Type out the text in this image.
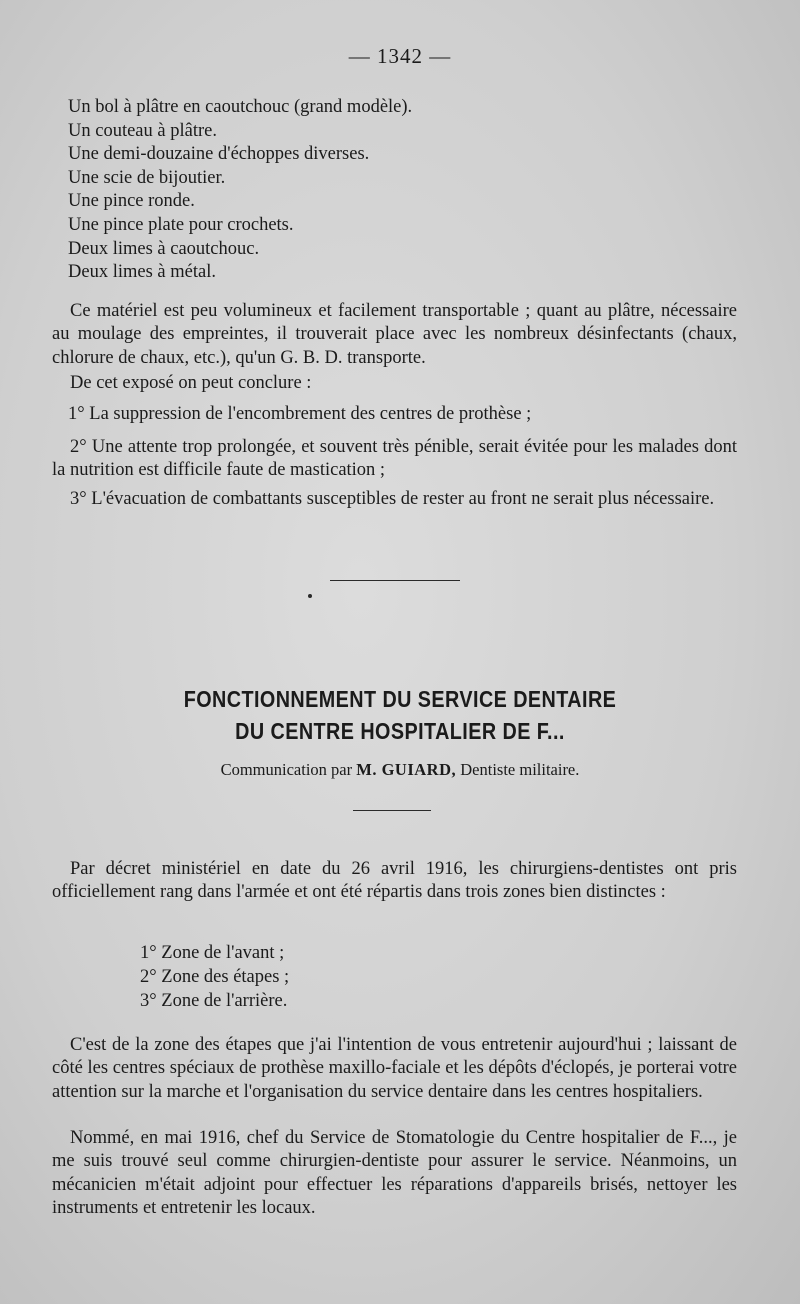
— 1342 —
Un bol à plâtre en caoutchouc (grand modèle).
Un couteau à plâtre.
Une demi-douzaine d'échoppes diverses.
Une scie de bijoutier.
Une pince ronde.
Une pince plate pour crochets.
Deux limes à caoutchouc.
Deux limes à métal.
Ce matériel est peu volumineux et facilement transportable ; quant au plâtre, nécessaire au moulage des empreintes, il trouverait place avec les nombreux désinfectants (chaux, chlorure de chaux, etc.), qu'un G. B. D. transporte.
De cet exposé on peut conclure :
1° La suppression de l'encombrement des centres de prothèse ;
2° Une attente trop prolongée, et souvent très pénible, serait évitée pour les malades dont la nutrition est difficile faute de mastication ;
3° L'évacuation de combattants susceptibles de rester au front ne serait plus nécessaire.
FONCTIONNEMENT DU SERVICE DENTAIRE
DU CENTRE HOSPITALIER DE F...
Communication par M. GUIARD, Dentiste militaire.
Par décret ministériel en date du 26 avril 1916, les chirurgiens-dentistes ont pris officiellement rang dans l'armée et ont été répartis dans trois zones bien distinctes :
1° Zone de l'avant ;
2° Zone des étapes ;
3° Zone de l'arrière.
C'est de la zone des étapes que j'ai l'intention de vous entretenir aujourd'hui ; laissant de côté les centres spéciaux de prothèse maxillo-faciale et les dépôts d'éclopés, je porterai votre attention sur la marche et l'organisation du service dentaire dans les centres hospitaliers.
Nommé, en mai 1916, chef du Service de Stomatologie du Centre hospitalier de F..., je me suis trouvé seul comme chirurgien-dentiste pour assurer le service. Néanmoins, un mécanicien m'était adjoint pour effectuer les réparations d'appareils brisés, nettoyer les instruments et entretenir les locaux.
